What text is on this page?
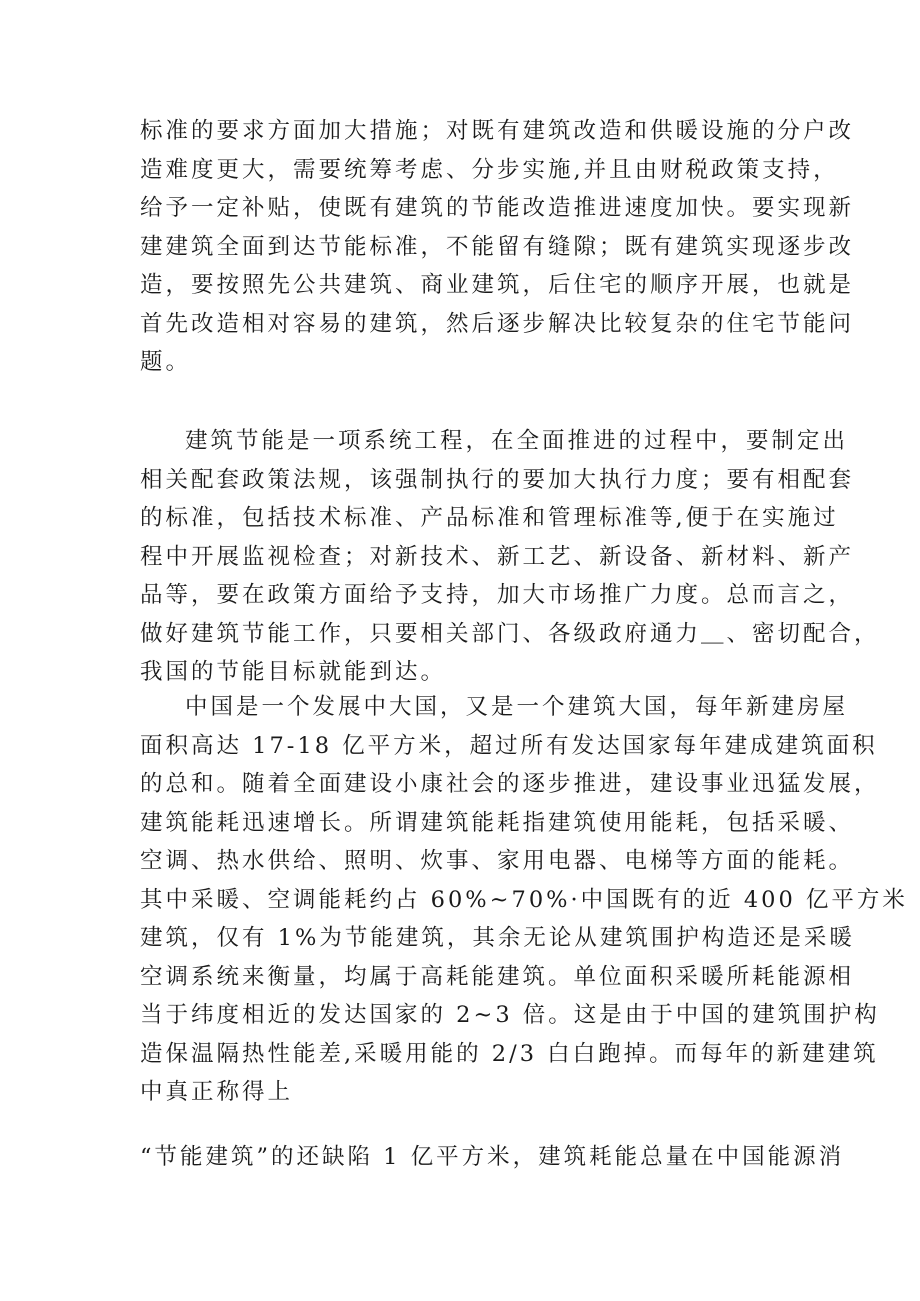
标准的要求方面加大措施；对既有建筑改造和供暖设施的分户改
造难度更大，需要统筹考虑、分步实施,并且由财税政策支持，
给予一定补贴，使既有建筑的节能改造推进速度加快。要实现新
建建筑全面到达节能标准，不能留有缝隙；既有建筑实现逐步改
造，要按照先公共建筑、商业建筑，后住宅的顺序开展，也就是
首先改造相对容易的建筑，然后逐步解决比较复杂的住宅节能问
题。
建筑节能是一项系统工程，在全面推进的过程中，要制定出
相关配套政策法规，该强制执行的要加大执行力度；要有相配套
的标准，包括技术标准、产品标准和管理标准等,便于在实施过
程中开展监视检查；对新技术、新工艺、新设备、新材料、新产
品等，要在政策方面给予支持，加大市场推广力度。总而言之，
做好建筑节能工作，只要相关部门、各级政府通力＿、密切配合，
我国的节能目标就能到达。
中国是一个发展中大国，又是一个建筑大国，每年新建房屋
面积高达 17-18 亿平方米，超过所有发达国家每年建成建筑面积
的总和。随着全面建设小康社会的逐步推进，建设事业迅猛发展，
建筑能耗迅速增长。所谓建筑能耗指建筑使用能耗，包括采暖、
空调、热水供给、照明、炊事、家用电器、电梯等方面的能耗。
其中采暖、空调能耗约占 60%~70%·中国既有的近 400 亿平方米
建筑，仅有 1%为节能建筑，其余无论从建筑围护构造还是采暖
空调系统来衡量，均属于高耗能建筑。单位面积采暖所耗能源相
当于纬度相近的发达国家的 2~3 倍。这是由于中国的建筑围护构
造保温隔热性能差,采暖用能的 2/3 白白跑掉。而每年的新建建筑
中真正称得上
“节能建筑”的还缺陷 1 亿平方米，建筑耗能总量在中国能源消
